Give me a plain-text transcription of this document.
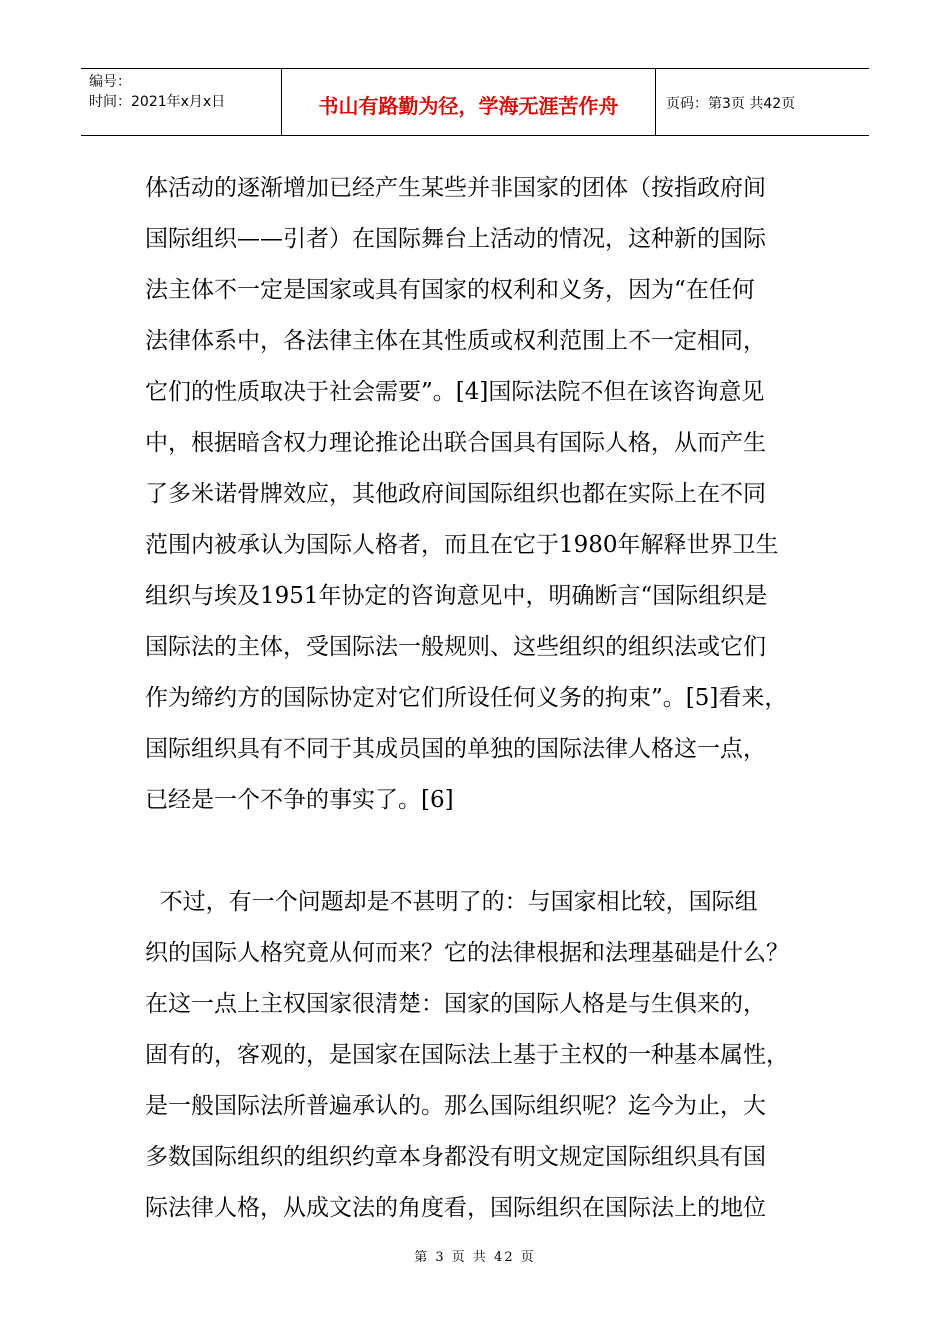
编号：
时间：2021年x月x日	书山有路勤为径，学海无涯苦作舟	页码：第3页 共42页
体活动的逐渐增加已经产生某些并非国家的团体（按指政府间
国际组织——引者）在国际舞台上活动的情况，这种新的国际
法主体不一定是国家或具有国家的权利和义务，因为“在任何
法律体系中，各法律主体在其性质或权利范围上不一定相同，
它们的性质取决于社会需要”。[4]国际法院不但在该咨询意见
中，根据暗含权力理论推论出联合国具有国际人格，从而产生
了多米诺骨牌效应，其他政府间国际组织也都在实际上在不同
范围内被承认为国际人格者，而且在它于1980年解释世界卫生
组织与埃及1951年协定的咨询意见中，明确断言“国际组织是
国际法的主体，受国际法一般规则、这些组织的组织法或它们
作为缔约方的国际协定对它们所设任何义务的拘束”。[5]看来，
国际组织具有不同于其成员国的单独的国际法律人格这一点，
已经是一个不争的事实了。[6]
不过，有一个问题却是不甚明了的：与国家相比较，国际组
织的国际人格究竟从何而来？它的法律根据和法理基础是什么？
在这一点上主权国家很清楚：国家的国际人格是与生俱来的，
固有的，客观的，是国家在国际法上基于主权的一种基本属性，
是一般国际法所普遍承认的。那么国际组织呢？迄今为止，大
多数国际组织的组织约章本身都没有明文规定国际组织具有国
际法律人格，从成文法的角度看，国际组织在国际法上的地位
第 3 页 共 42 页
